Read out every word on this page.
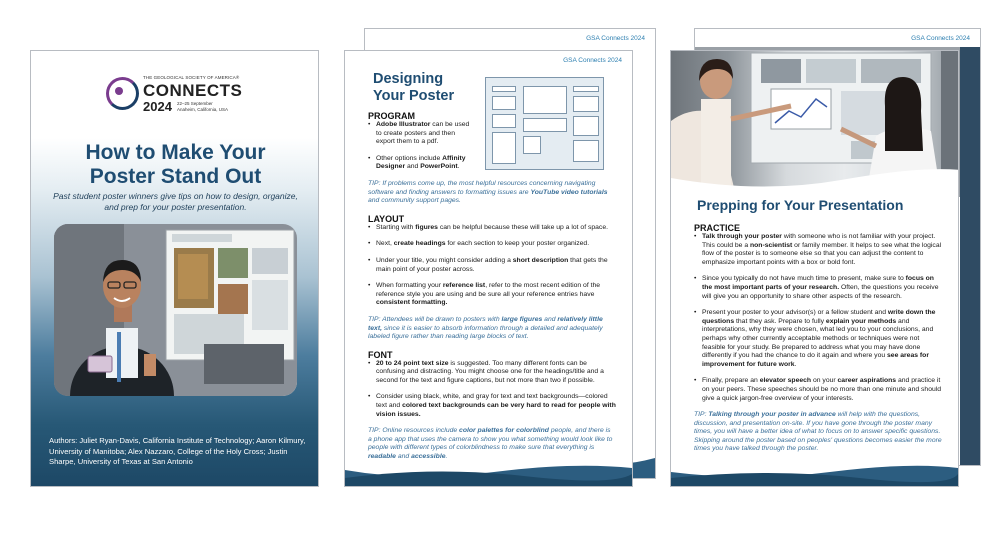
THE GEOLOGICAL SOCIETY OF AMERICA®
CONNECTS
2024 22–25 September
Anaheim, California, USA
How to Make Your
Poster Stand Out
Past student poster winners give tips on how to design, organize, and prep for your poster presentation.
Authors: Juliet Ryan-Davis, California Institute of Technology; Aaron Kilmury, University of Manitoba; Alex Nazzaro, College of the Holy Cross; Justin Sharpe, University of Texas at San Antonio
GSA Connects 2024
GSA Connects 2024
Designing
Your Poster
PROGRAM
• Adobe Illustrator can be used to create posters and then export them to a pdf.
• Other options include Affinity Designer and PowerPoint.

TIP: If problems come up, the most helpful resources concerning navigating software and finding answers to formatting issues are YouTube video tutorials and community support pages.

LAYOUT
• Starting with figures can be helpful because these will take up a lot of space.
• Next, create headings for each section to keep your poster organized.
• Under your title, you might consider adding a short description that gets the main point of your poster across.
• When formatting your reference list, refer to the most recent edition of the reference style you are using and be sure all your reference entries have consistent formatting.

TIP: Attendees will be drawn to posters with large figures and relatively little text, since it is easier to absorb information through a detailed and adequately labeled figure rather than reading large blocks of text.

FONT
• 20 to 24 point text size is suggested. Too many different fonts can be confusing and distracting. You might choose one for the headings/title and a second for the text and figure captions, but not more than two if possible.
• Consider using black, white, and gray for text and text backgrounds—colored text and colored text backgrounds can be very hard to read for people with vision issues.

TIP: Online resources include color palettes for colorblind people, and there is a phone app that uses the camera to show you what something would look like to people with different types of colorblindness to make sure that everything is readable and accessible.

GSA Connects 2024
Prepping for Your Presentation
PRACTICE
• Talk through your poster with someone who is not familiar with your project. This could be a non-scientist or family member. It helps to see what the logical flow of the poster is to someone else so that you can adjust the content to emphasize important points with a box or bold font.
• Since you typically do not have much time to present, make sure to focus on the most important parts of your research. Often, the questions you receive will give you an opportunity to share other aspects of the research.
• Present your poster to your advisor(s) or a fellow student and write down the questions that they ask. Prepare to fully explain your methods and interpretations, why they were chosen, what led you to your conclusions, and perhaps why other currently acceptable methods or techniques were not feasible for your study. Be prepared to address what you may have done differently if you had the chance to do it again and where you see areas for improvement for future work.
• Finally, prepare an elevator speech on your career aspirations and practice it on your peers. These speeches should be no more than one minute and should give a quick jargon-free overview of your interests.

TIP: Talking through your poster in advance will help with the questions, discussion, and presentation on-site. If you have gone through the poster many times, you will have a better idea of what to focus on to answer specific questions. Skipping around the poster based on peoples' questions becomes easier the more times you have talked through the poster.
